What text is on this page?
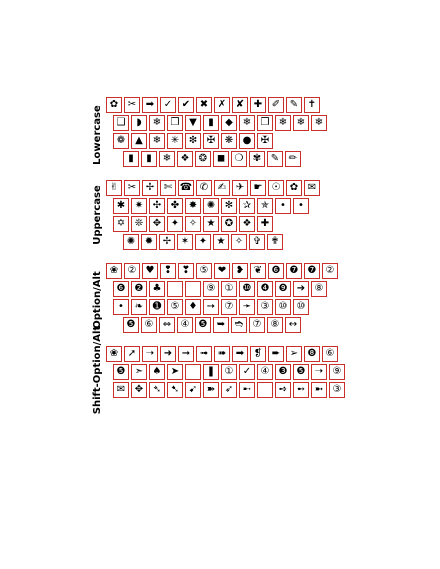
Lowercase
✿ ✂ ➡ ✓ ✔ ✖ ✗ ✘ ✚ ✐ ✎ ✝
❑	◗	❄ ❒ ▼	▮	◆ ❄ ❒ ❄ ❄ ❄
❁ ▲ ❄ ✳ ❇ ✠ ❋ ● ✠
▮	▮	❄ ❖ ❂ ◼ ❍ ✾ ✎ ✏
Uppercase ✌ ✂ ✢ ✄ ☎ ✆ ✍ ✈ ☛ ☉ ✿ ✉
✱ ✷ ✣ ✤ ✸ ✺ ✻ ✰ ✯	•	•
✡ ❊ ✥ ✦ ✧ ★ ✪ ❖ ✚
✺ ✹ ✢ ✶ ✦ ★ ✧ ✞ ✟
Option/Alt
❀ ② ♥ ❢ ❣ ⑤ ❤ ❥ ❦ ❻ ❼ ❼ ②
❻ ❷ ♣	⑨ ① ❿ ❹ ❾ ➔ ⑧
•	❧ ➊ ⑤ ♦ ➙ ⑦ ➛ ③ ⑩ ⑩
❺ ⑥ ⇔ ④ ❺ ➥ ➬ ⑦ ⑧ ↔
Shift-Option/Alt ❀ ➚ ➝ ➜ ➞ ➟ ➠ ➡ ❡ ➨ ➢ ❽ ⑥
❺ ➣ ♠ ➤	❚ ① ✓ ④ ❸ ❺ ➝ ⑨
✉ ✥ ➴ ➷ ➹ ➽ ➶ ➸	➺ ➻ ➼ ③
